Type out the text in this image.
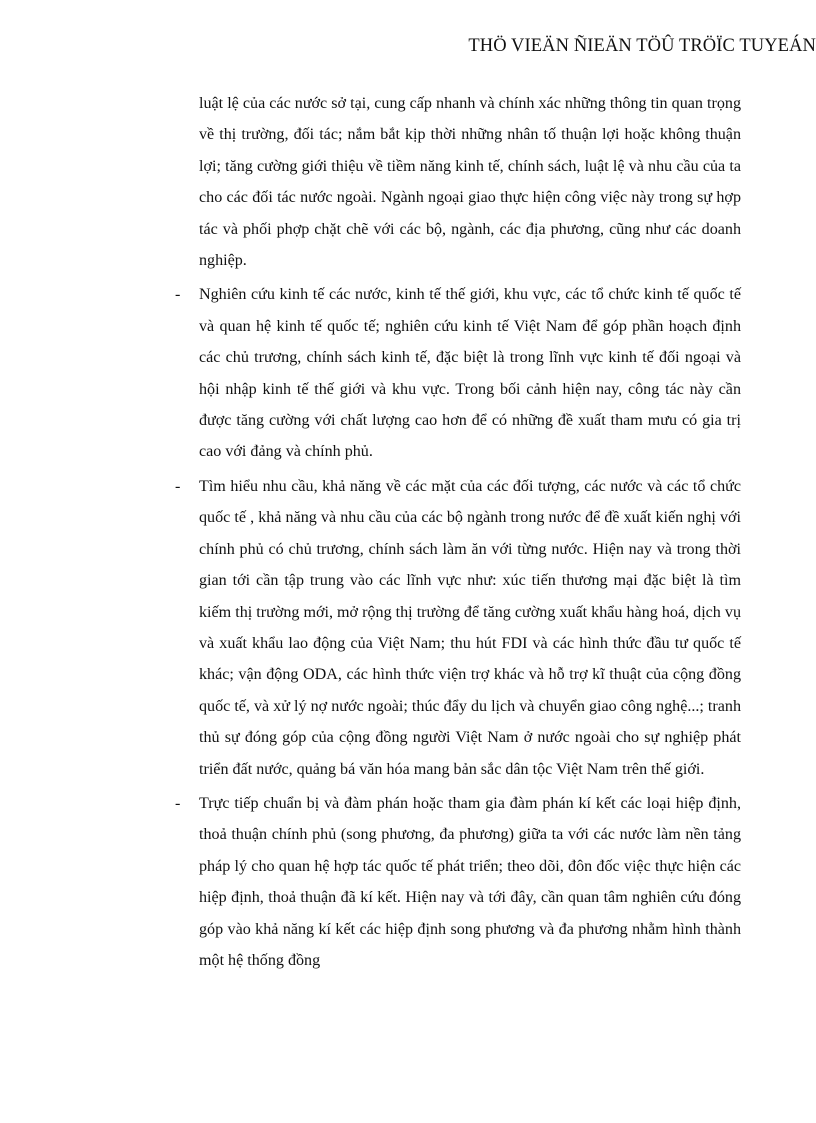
THÖ VIEÄN ÑIEÄN TÖÛ TRÖÏC TUYEÁN

luật lệ của các nước sở tại, cung cấp nhanh và chính xác những thông tin quan trọng về thị trường, đối tác; nắm bắt kịp thời những nhân tố thuận lợi hoặc không thuận lợi; tăng cường giới thiệu về tiềm năng kinh tế, chính sách, luật lệ và nhu cầu của ta cho các đối tác nước ngoài. Ngành ngoại giao thực hiện công việc này trong sự hợp tác và phối phợp chặt chẽ với các bộ, ngành, các địa phương, cũng như các doanh nghiệp.

- Nghiên cứu kinh tế các nước, kinh tế thế giới, khu vực, các tổ chức kinh tế quốc tế và quan hệ kinh tế quốc tế; nghiên cứu kinh tế Việt Nam để góp phần hoạch định các chủ trương, chính sách kinh tế, đặc biệt là trong lĩnh vực kinh tế đối ngoại và hội nhập kinh tế thế giới và khu vực. Trong bối cảnh hiện nay, công tác này cần được tăng cường với chất lượng cao hơn để có những đề xuất tham mưu có gia trị cao với đảng và chính phủ.
- Tìm hiểu nhu cầu, khả năng về các mặt của các đối tượng, các nước và các tổ chức quốc tế , khả năng và nhu cầu của các bộ ngành trong nước để đề xuất kiến nghị với chính phủ có chủ trương, chính sách làm ăn với từng nước. Hiện nay và trong thời gian tới cần tập trung vào các lĩnh vực như: xúc tiến thương mại đặc biệt là tìm kiếm thị trường mới, mở rộng thị trường để tăng cường xuất khẩu hàng hoá, dịch vụ và xuất khẩu lao động của Việt Nam; thu hút FDI và các hình thức đầu tư quốc tế khác; vận động ODA, các hình thức viện trợ khác và hỗ trợ kĩ thuật của cộng đồng quốc tế, và xử lý nợ nước ngoài; thúc đẩy du lịch và chuyển giao công nghệ...; tranh thủ sự đóng góp của cộng đồng người Việt Nam ở nước ngoài cho sự nghiệp phát triển đất nước, quảng bá văn hóa mang bản sắc dân tộc Việt Nam trên thế giới.
- Trực tiếp chuẩn bị và đàm phán hoặc tham gia đàm phán kí kết các loại hiệp định, thoả thuận chính phủ (song phương, đa phương) giữa ta với các nước làm nền tảng pháp lý cho quan hệ hợp tác quốc tế phát triển; theo dõi, đôn đốc việc thực hiện các hiệp định, thoả thuận đã kí kết. Hiện nay và tới đây, cần quan tâm nghiên cứu đóng góp vào khả năng kí kết các hiệp định song phương và đa phương nhằm hình thành một hệ thống đồng
